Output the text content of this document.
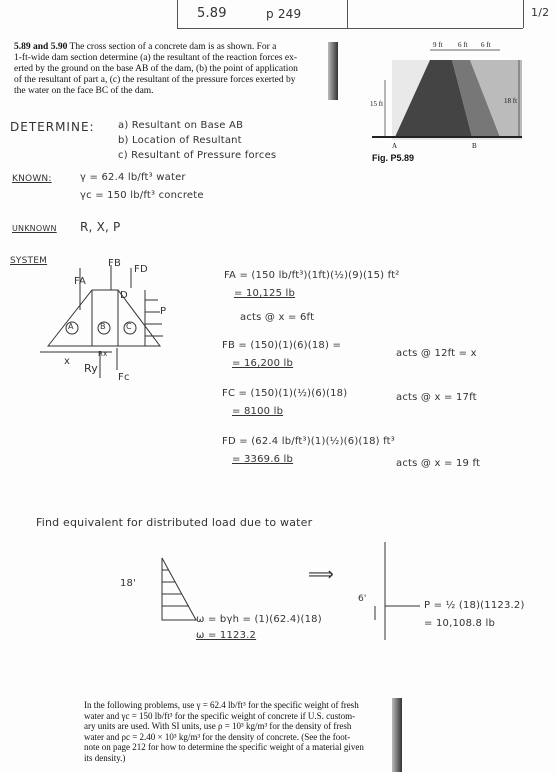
5.89	p 249	1/2
5.89 and 5.90 The cross section of a concrete dam is as shown. For a
1-ft-wide dam section determine (a) the resultant of the reaction forces ex-
erted by the ground on the base AB of the dam, (b) the point of application
of the resultant of part a, (c) the resultant of the pressure forces exerted by
the water on the face BC of the dam.
9 ft 6 ft 6 ft
15 ft	18 ft
A	B
Fig. P5.89
DETERMINE: a) Resultant on Base AB
b) Location of Resultant
c) Resultant of Pressure forces
KNOWN:	γ = 62.4 lb/ft³ water
γc = 150 lb/ft³ concrete
UNKNOWN R, X, P
SYSTEM
FA
FB
FD
D
A	B	C
P
x
Ry
Rx
Fc
FA = (150 lb/ft³)(1ft)(½)(9)(15) ft²
= 10,125 lb
acts @ x = 6ft
FB = (150)(1)(6)(18) =
= 16,200 lb
acts @ 12ft = x
FC = (150)(1)(½)(6)(18)
= 8100 lb
acts @ x = 17ft
FD = (62.4 lb/ft³)(1)(½)(6)(18) ft³
= 3369.6 lb	acts @ x = 19 ft
Find equivalent for distributed load due to water
18'
ω = bγh = (1)(62.4)(18)
ω = 1123.2
⟹
6'
P = ½ (18)(1123.2)
= 10,108.8 lb
In the following problems, use γ = 62.4 lb/ft³ for the specific weight of fresh
water and γc = 150 lb/ft³ for the specific weight of concrete if U.S. custom-
ary units are used. With SI units, use ρ = 10³ kg/m³ for the density of fresh
water and ρc = 2.40 × 10³ kg/m³ for the density of concrete. (See the foot-
note on page 212 for how to determine the specific weight of a material given
its density.)
